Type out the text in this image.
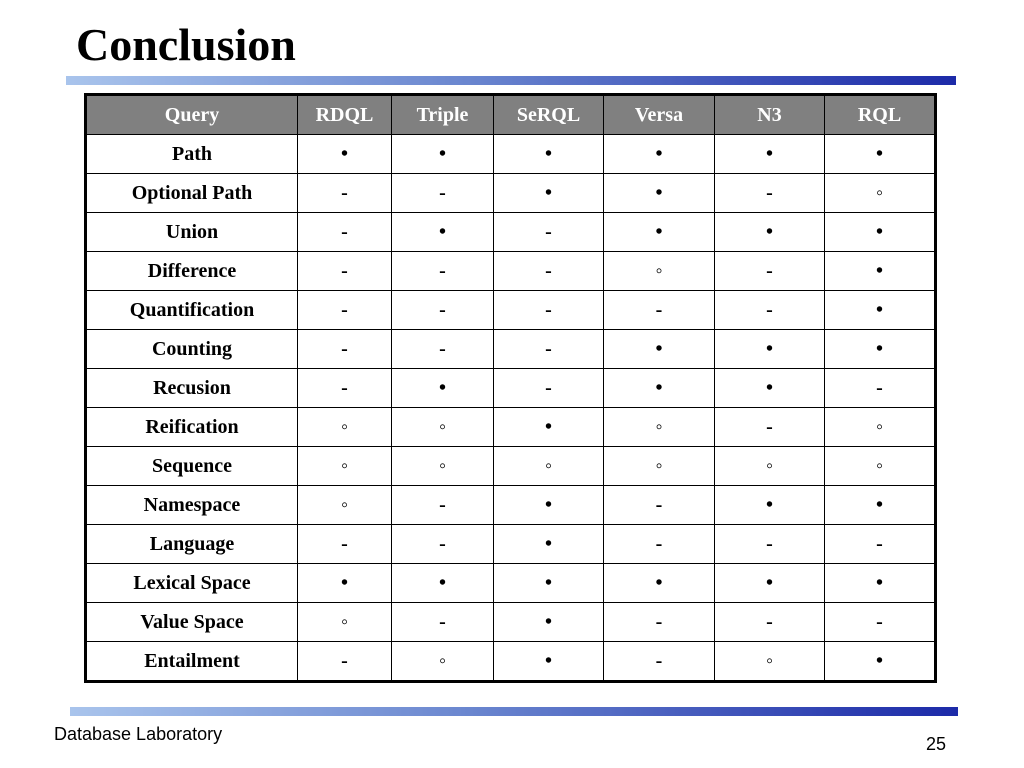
Conclusion
Query	RDQL	Triple	SeRQL	Versa	N3	RQL
Path	•	•	•	•	•	•
Optional Path	-	-	•	•	-	◦
Union	-	•	-	•	•	•
Difference	-	-	-	◦	-	•
Quantification	-	-	-	-	-	•
Counting	-	-	-	•	•	•
Recusion	-	•	-	•	•	-
Reification	◦	◦	•	◦	-	◦
Sequence	◦	◦	◦	◦	◦	◦
Namespace	◦	-	•	-	•	•
Language	-	-	•	-	-	-
Lexical Space	•	•	•	•	•	•
Value Space	◦	-	•	-	-	-
Entailment	-	◦	•	-	◦	•
Database Laboratory	25
